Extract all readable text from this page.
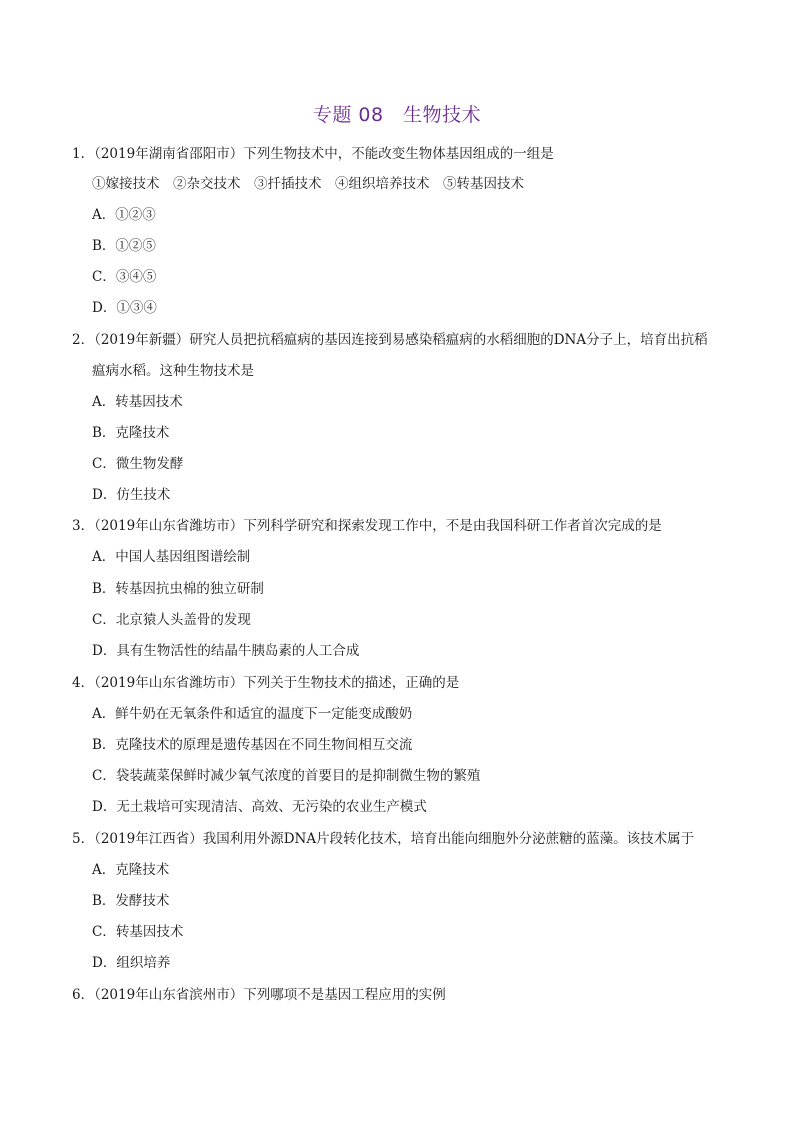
专题 08　生物技术
1．（2019年湖南省邵阳市）下列生物技术中，不能改变生物体基因组成的一组是
①嫁接技术　②杂交技术　③扦插技术　④组织培养技术　⑤转基因技术
A．①②③
B．①②⑤
C．③④⑤
D．①③④
2．（2019年新疆）研究人员把抗稻瘟病的基因连接到易感染稻瘟病的水稻细胞的DNA分子上，培育出抗稻
瘟病水稻。这种生物技术是
A．转基因技术
B．克隆技术
C．微生物发酵
D．仿生技术
3．（2019年山东省潍坊市）下列科学研究和探索发现工作中，不是由我国科研工作者首次完成的是
A．中国人基因组图谱绘制
B．转基因抗虫棉的独立研制
C．北京猿人头盖骨的发现
D．具有生物活性的结晶牛胰岛素的人工合成
4．（2019年山东省潍坊市）下列关于生物技术的描述，正确的是
A．鲜牛奶在无氧条件和适宜的温度下一定能变成酸奶
B．克隆技术的原理是遗传基因在不同生物间相互交流
C．袋装蔬菜保鲜时减少氧气浓度的首要目的是抑制微生物的繁殖
D．无土栽培可实现清洁、高效、无污染的农业生产模式
5．（2019年江西省）我国利用外源DNA片段转化技术，培育出能向细胞外分泌蔗糖的蓝藻。该技术属于
A．克隆技术
B．发酵技术
C．转基因技术
D．组织培养
6．（2019年山东省滨州市）下列哪项不是基因工程应用的实例
